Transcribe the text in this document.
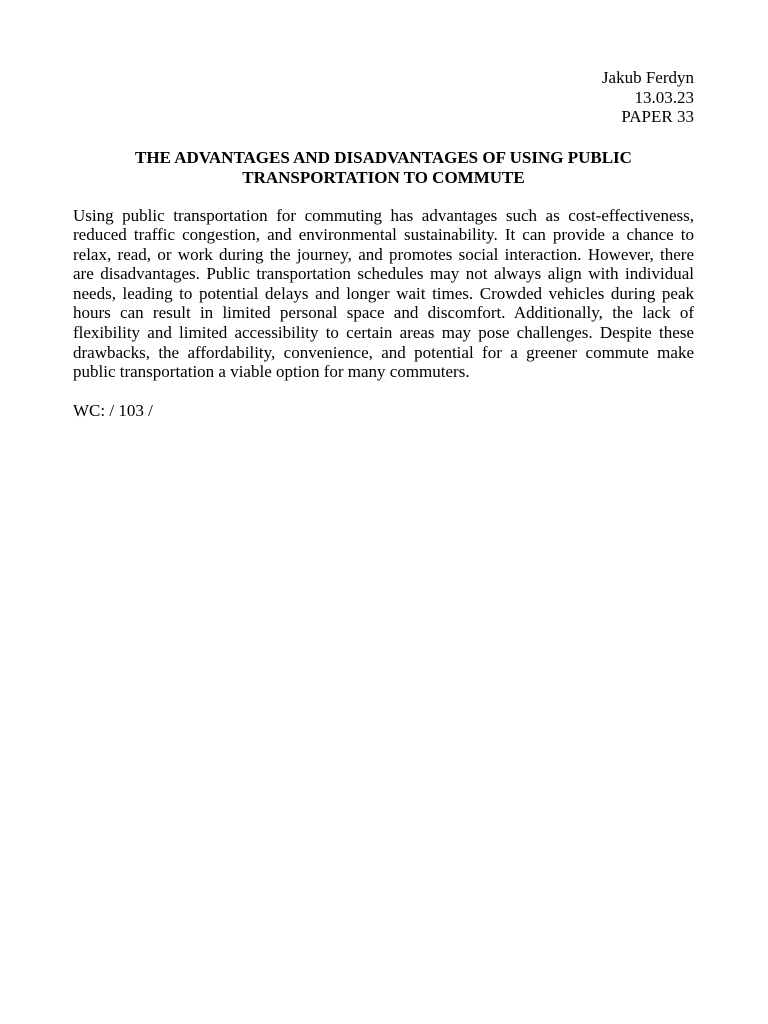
Jakub Ferdyn
13.03.23
PAPER 33
THE ADVANTAGES AND DISADVANTAGES OF USING PUBLIC TRANSPORTATION TO COMMUTE
Using public transportation for commuting has advantages such as cost-effectiveness, reduced traffic congestion, and environmental sustainability. It can provide a chance to relax, read, or work during the journey, and promotes social interaction. However, there are disadvantages. Public transportation schedules may not always align with individual needs, leading to potential delays and longer wait times. Crowded vehicles during peak hours can result in limited personal space and discomfort. Additionally, the lack of flexibility and limited accessibility to certain areas may pose challenges. Despite these drawbacks, the affordability, convenience, and potential for a greener commute make public transportation a viable option for many commuters.
WC: / 103 /
